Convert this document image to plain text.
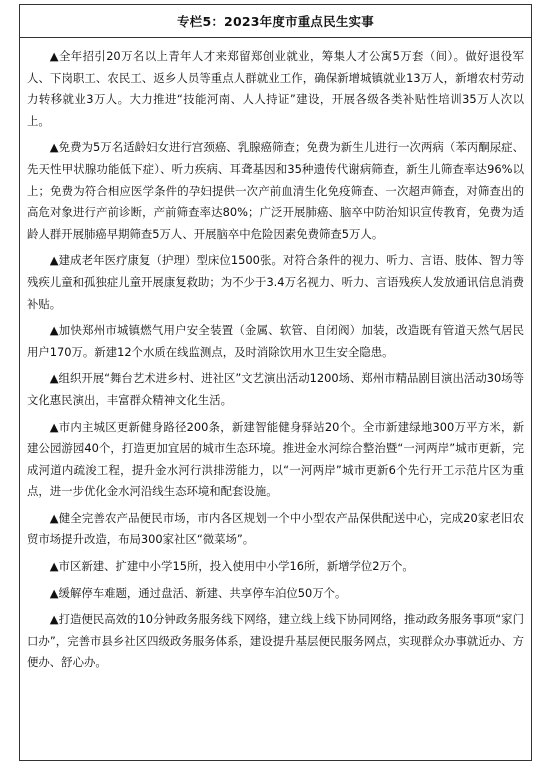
专栏5：2023年度市重点民生实事

▲全年招引20万名以上青年人才来郑留郑创业就业，筹集人才公寓5万套（间）。做好退役军人、下岗职工、农民工、返乡人员等重点人群就业工作，确保新增城镇就业13万人，新增农村劳动力转移就业3万人。大力推进“技能河南、人人持证”建设，开展各级各类补贴性培训35万人次以上。

▲免费为5万名适龄妇女进行宫颈癌、乳腺癌筛查；免费为新生儿进行一次两病（苯丙酮尿症、先天性甲状腺功能低下症）、听力疾病、耳聋基因和35种遗传代谢病筛查，新生儿筛查率达96%以上；免费为符合相应医学条件的孕妇提供一次产前血清生化免疫筛查、一次超声筛查，对筛查出的高危对象进行产前诊断，产前筛查率达80%；广泛开展肺癌、脑卒中防治知识宣传教育，免费为适龄人群开展肺癌早期筛查5万人、开展脑卒中危险因素免费筛查5万人。

▲建成老年医疗康复（护理）型床位1500张。对符合条件的视力、听力、言语、肢体、智力等残疾儿童和孤独症儿童开展康复救助；为不少于3.4万名视力、听力、言语残疾人发放通讯信息消费补贴。

▲加快郑州市城镇燃气用户安全装置（金属、软管、自闭阀）加装，改造既有管道天然气居民用户170万。新建12个水质在线监测点，及时消除饮用水卫生安全隐患。

▲组织开展“舞台艺术进乡村、进社区”文艺演出活动1200场、郑州市精品剧目演出活动30场等文化惠民演出，丰富群众精神文化生活。

▲市内主城区更新健身路径200条，新建智能健身驿站20个。全市新建绿地300万平方米，新建公园游园40个，打造更加宜居的城市生态环境。推进金水河综合整治暨“一河两岸”城市更新，完成河道内疏浚工程，提升金水河行洪排涝能力，以“一河两岸”城市更新6个先行开工示范片区为重点，进一步优化金水河沿线生态环境和配套设施。

▲健全完善农产品便民市场，市内各区规划一个中小型农产品保供配送中心，完成20家老旧农贸市场提升改造，布局300家社区“微菜场”。

▲市区新建、扩建中小学15所，投入使用中小学16所，新增学位2万个。

▲缓解停车难题，通过盘活、新建、共享停车泊位50万个。

▲打造便民高效的10分钟政务服务线下网络，建立线上线下协同网络，推动政务服务事项“家门口办”，完善市县乡社区四级政务服务体系，建设提升基层便民服务网点，实现群众办事就近办、方便办、舒心办。
